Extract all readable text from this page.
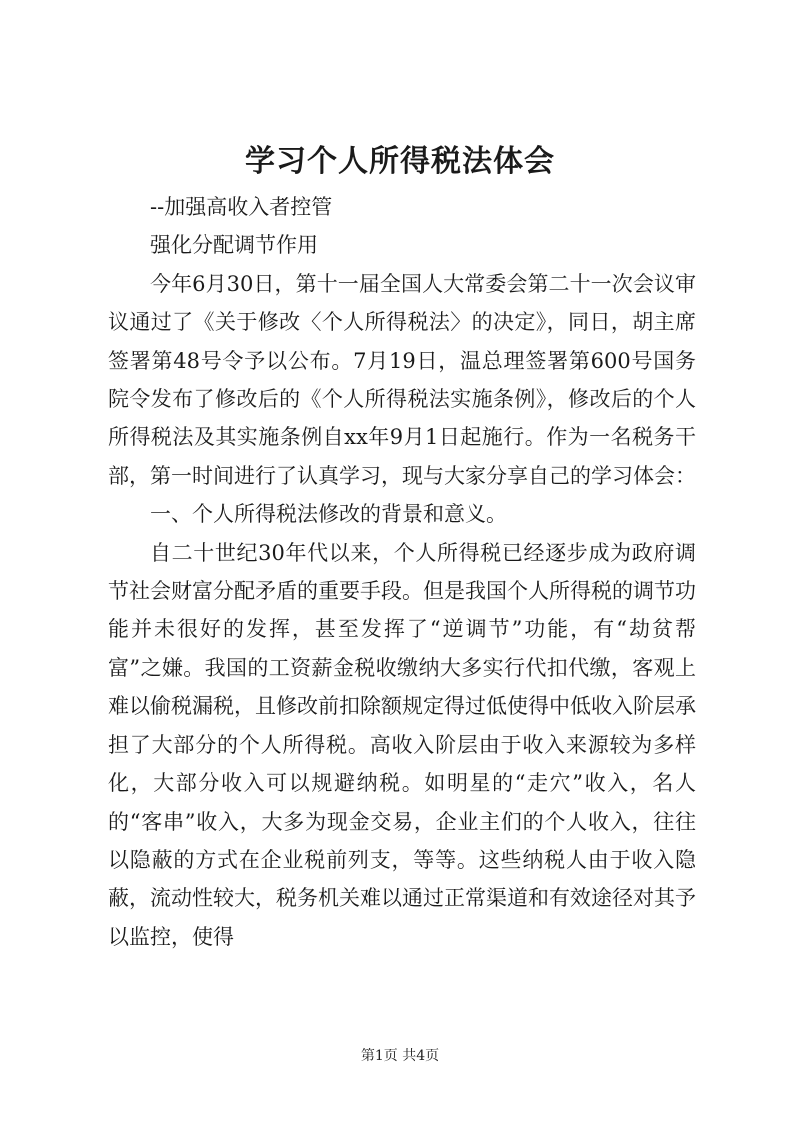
学习个人所得税法体会

--加强高收入者控管

强化分配调节作用

今年6月30日，第十一届全国人大常委会第二十一次会议审议通过了《关于修改〈个人所得税法〉的决定》，同日，胡主席签署第48号令予以公布。7月19日，温总理签署第600号国务院令发布了修改后的《个人所得税法实施条例》，修改后的个人所得税法及其实施条例自xx年9月1日起施行。作为一名税务干部，第一时间进行了认真学习，现与大家分享自己的学习体会：

一、个人所得税法修改的背景和意义。

自二十世纪30年代以来，个人所得税已经逐步成为政府调节社会财富分配矛盾的重要手段。但是我国个人所得税的调节功能并未很好的发挥，甚至发挥了“逆调节”功能，有“劫贫帮富”之嫌。我国的工资薪金税收缴纳大多实行代扣代缴，客观上难以偷税漏税，且修改前扣除额规定得过低使得中低收入阶层承担了大部分的个人所得税。高收入阶层由于收入来源较为多样化，大部分收入可以规避纳税。如明星的“走穴”收入，名人的“客串”收入，大多为现金交易，企业主们的个人收入，往往以隐蔽的方式在企业税前列支，等等。这些纳税人由于收入隐蔽，流动性较大，税务机关难以通过正常渠道和有效途径对其予以监控，使得

第1页 共4页
